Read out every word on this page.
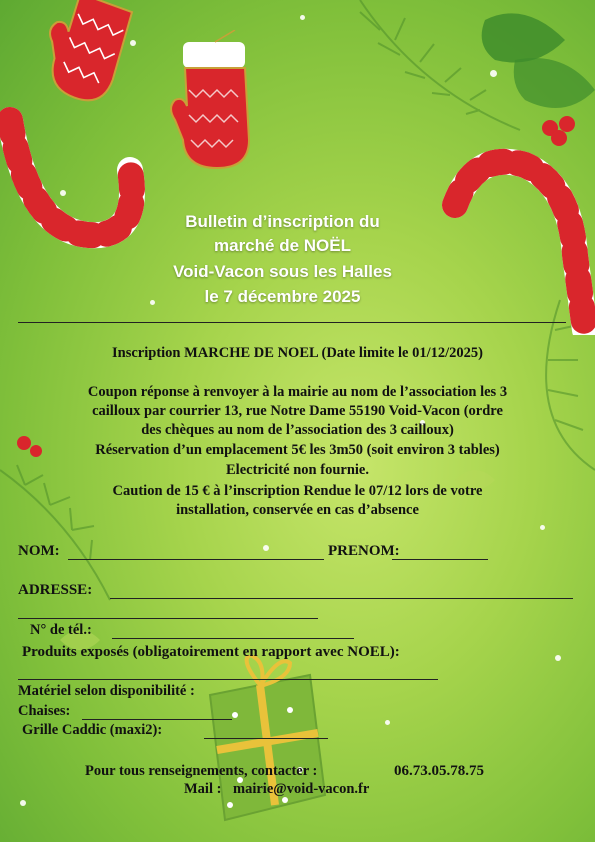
Bulletin d’inscription du
marché de NOËL
Void-Vacon sous les Halles
le 7 décembre 2025
Inscription MARCHE DE NOEL (Date limite le 01/12/2025)
Coupon réponse à renvoyer à la mairie au nom de l’association les 3
cailloux par courrier 13, rue Notre Dame 55190 Void-Vacon (ordre
des chèques au nom de l’association des 3 cailloux)
Réservation d’un emplacement 5€ les 3m50 (soit environ 3 tables)
Electricité non fournie.
Caution de 15 € à l’inscription Rendue le 07/12 lors de votre
installation, conservée en cas d’absence
NOM:	PRENOM:
ADRESSE:
N° de tél.:
Produits exposés (obligatoirement en rapport avec NOEL):
Matériel selon disponibilité :
Chaises:
Grille Caddic (maxi2):
Pour tous renseignements, contacter :	06.73.05.78.75
Mail : mairie@void-vacon.fr
